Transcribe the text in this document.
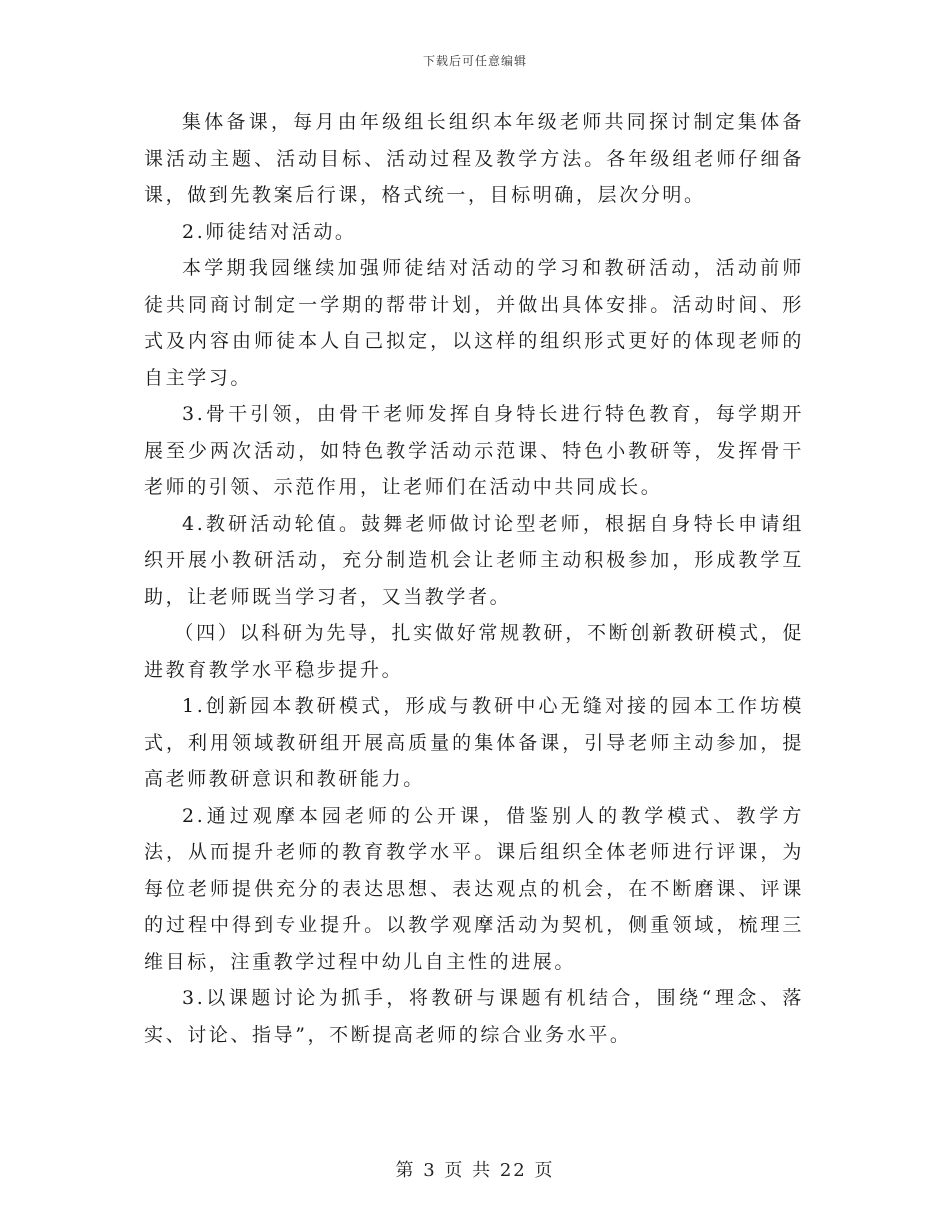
下载后可任意编辑

集体备课，每月由年级组长组织本年级老师共同探讨制定集体备课活动主题、活动目标、活动过程及教学方法。各年级组老师仔细备课，做到先教案后行课，格式统一，目标明确，层次分明。

2.师徒结对活动。

本学期我园继续加强师徒结对活动的学习和教研活动，活动前师徒共同商讨制定一学期的帮带计划，并做出具体安排。活动时间、形式及内容由师徒本人自己拟定，以这样的组织形式更好的体现老师的自主学习。

3.骨干引领，由骨干老师发挥自身特长进行特色教育，每学期开展至少两次活动，如特色教学活动示范课、特色小教研等，发挥骨干老师的引领、示范作用，让老师们在活动中共同成长。

4.教研活动轮值。鼓舞老师做讨论型老师，根据自身特长申请组织开展小教研活动，充分制造机会让老师主动积极参加，形成教学互助，让老师既当学习者，又当教学者。

（四）以科研为先导，扎实做好常规教研，不断创新教研模式，促进教育教学水平稳步提升。

1.创新园本教研模式，形成与教研中心无缝对接的园本工作坊模式，利用领域教研组开展高质量的集体备课，引导老师主动参加，提高老师教研意识和教研能力。

2.通过观摩本园老师的公开课，借鉴别人的教学模式、教学方法，从而提升老师的教育教学水平。课后组织全体老师进行评课，为每位老师提供充分的表达思想、表达观点的机会，在不断磨课、评课的过程中得到专业提升。以教学观摩活动为契机，侧重领域，梳理三维目标，注重教学过程中幼儿自主性的进展。

3.以课题讨论为抓手，将教研与课题有机结合，围绕“理念、落实、讨论、指导”，不断提高老师的综合业务水平。

第 3 页 共 22 页
